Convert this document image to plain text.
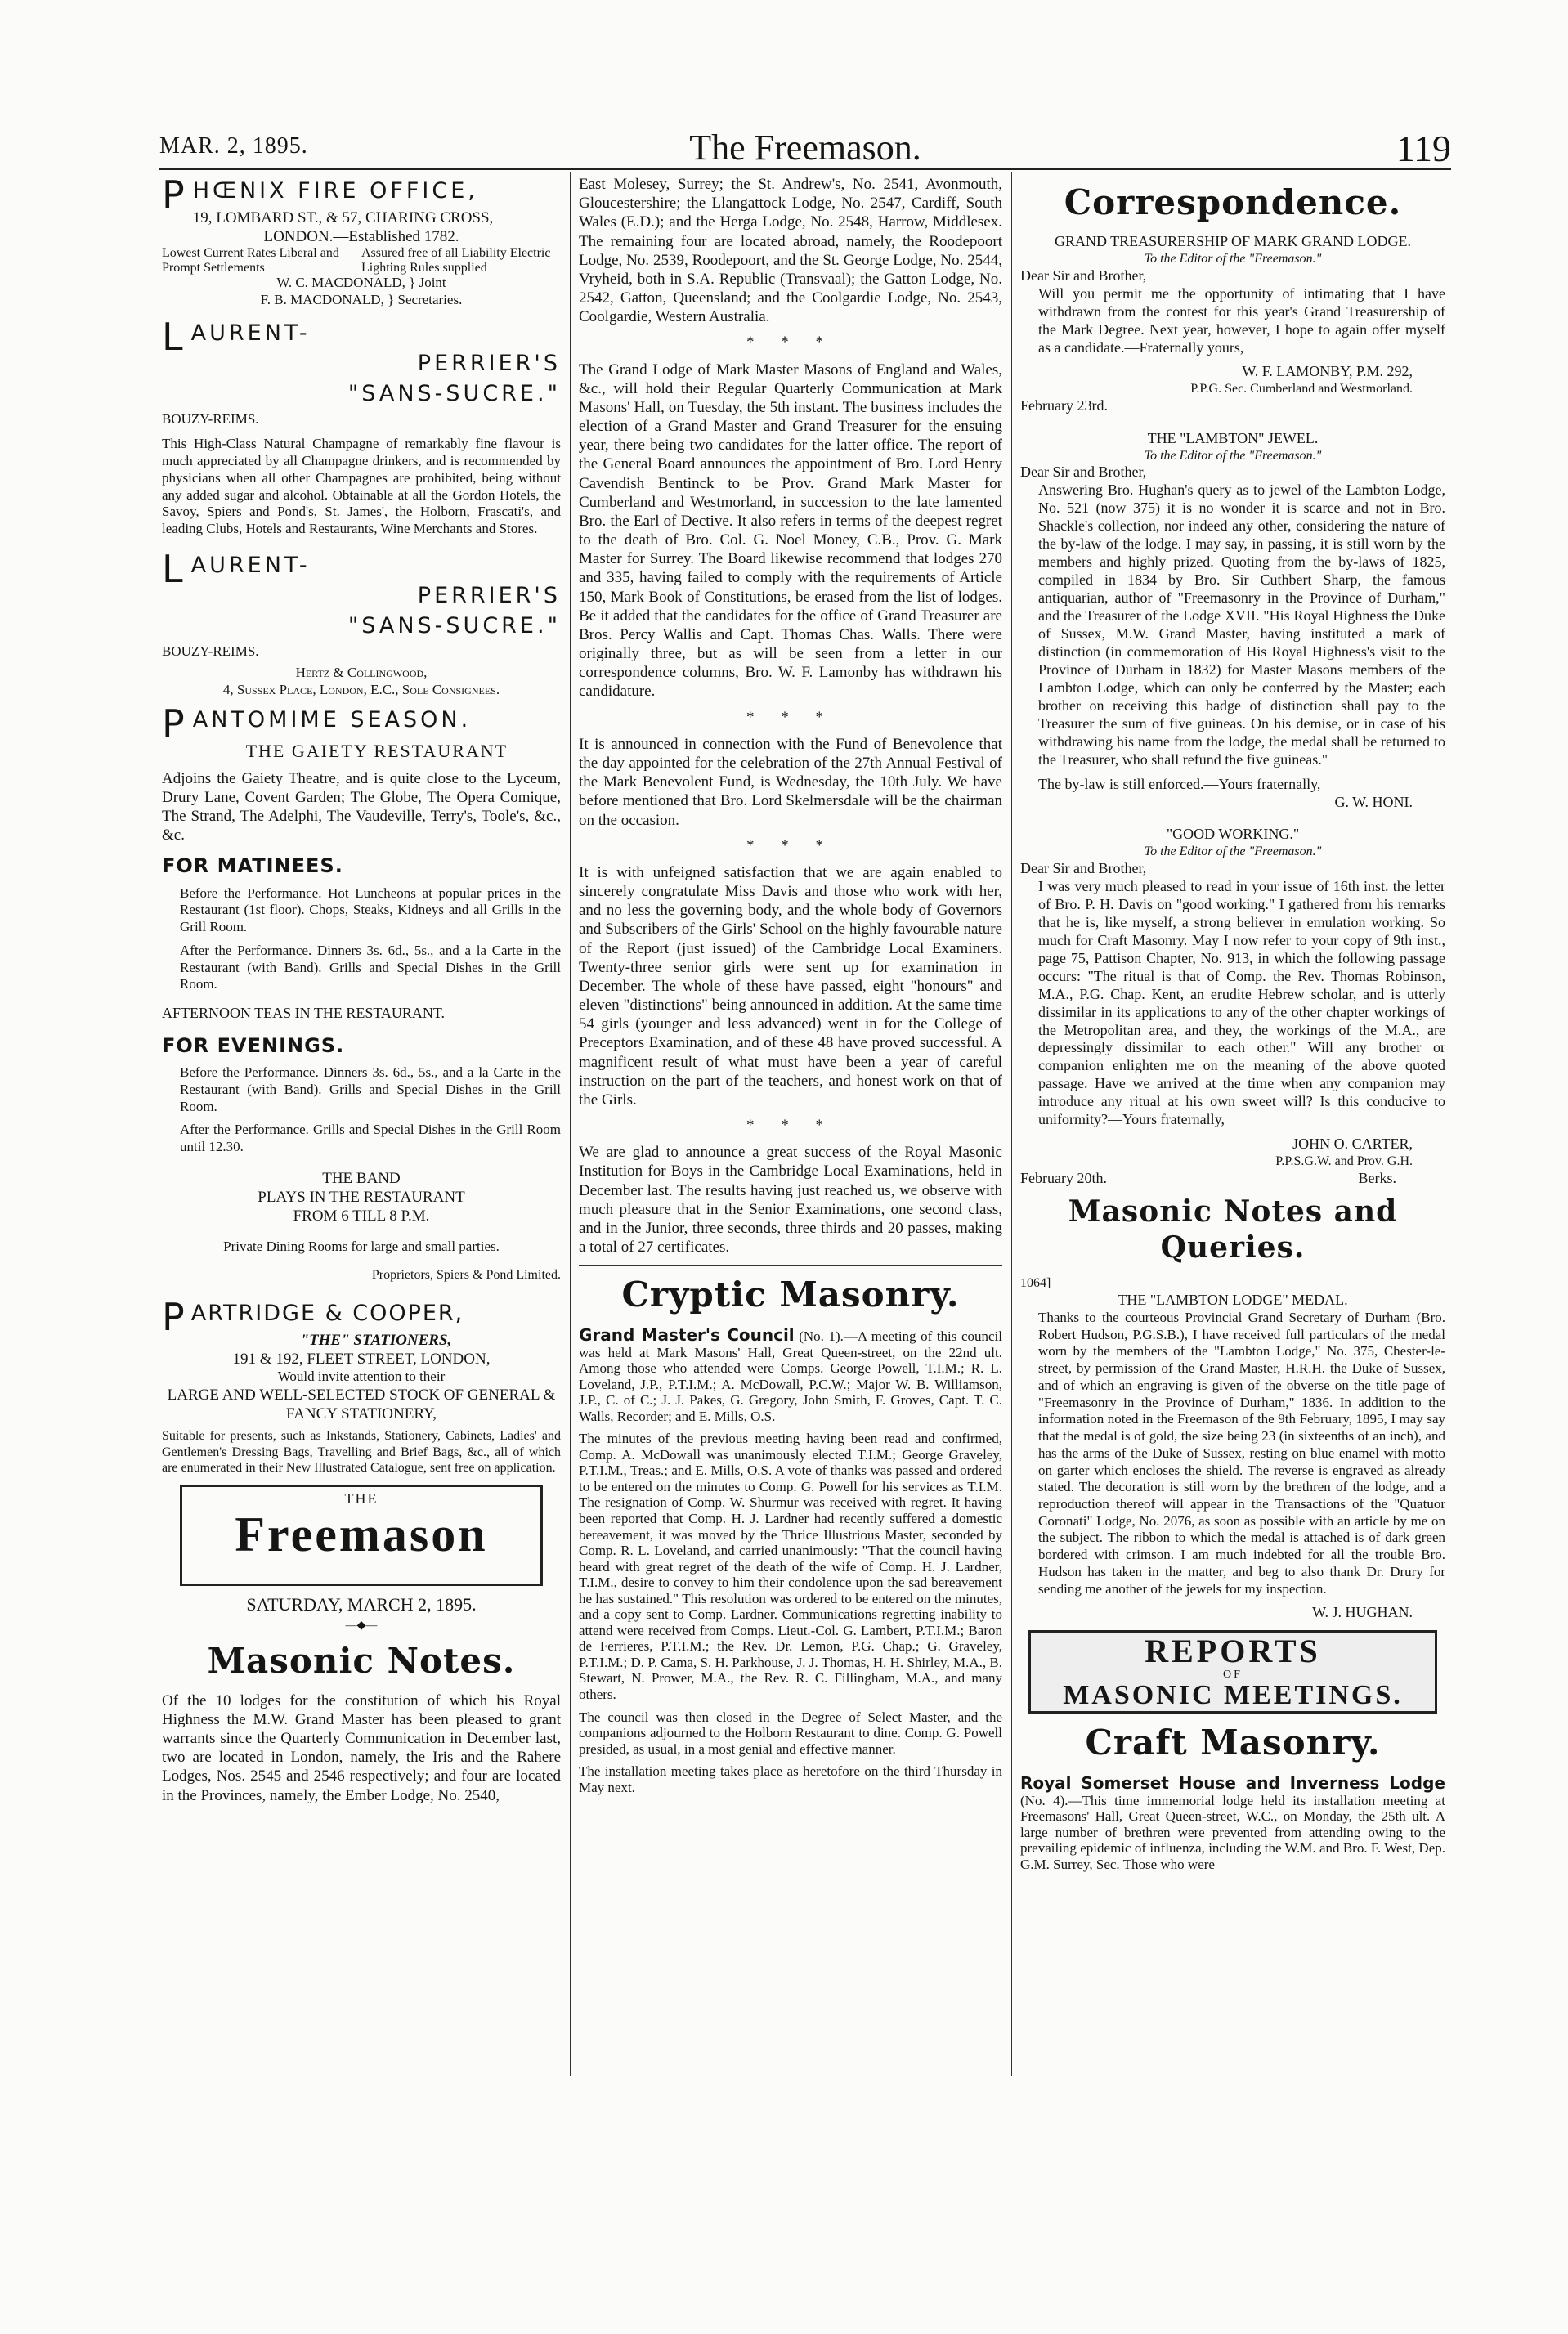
MAR. 2, 1895.	The Freemason.	119
PHŒNIX FIRE OFFICE,
19, LOMBARD ST., & 57, CHARING CROSS,
LONDON.—Established 1782.
Lowest Current Rates Liberal and Prompt Settlements
Assured free of all Liability Electric Lighting Rules supplied
W. C. MACDONALD, } Joint
F. B. MACDONALD, } Secretaries.
LAURENT-
PERRIER'S
"SANS-SUCRE."
BOUZY-REIMS.

This High-Class Natural Champagne of remarkably fine flavour is much appreciated by all Champagne drinkers, and is recommended by physicians when all other Champagnes are prohibited, being without any added sugar and alcohol. Obtainable at all the Gordon Hotels, the Savoy, Spiers and Pond's, St. James', the Holborn, Frascati's, and leading Clubs, Hotels and Restaurants, Wine Merchants and Stores.

LAURENT-
PERRIER'S
"SANS-SUCRE."
BOUZY-REIMS.
Hertz & Collingwood,
4, Sussex Place, London, E.C., Sole Consignees.
PANTOMIME SEASON.
THE GAIETY RESTAURANT

Adjoins the Gaiety Theatre, and is quite close to the Lyceum, Drury Lane, Covent Garden; The Globe, The Opera Comique, The Strand, The Adelphi, The Vaudeville, Terry's, Toole's, &c., &c.

FOR MATINEES.

Before the Performance. Hot Luncheons at popular prices in the Restaurant (1st floor). Chops, Steaks, Kidneys and all Grills in the Grill Room.

After the Performance. Dinners 3s. 6d., 5s., and a la Carte in the Restaurant (with Band). Grills and Special Dishes in the Grill Room.

AFTERNOON TEAS IN THE RESTAURANT.
FOR EVENINGS.

Before the Performance. Dinners 3s. 6d., 5s., and a la Carte in the Restaurant (with Band). Grills and Special Dishes in the Grill Room.

After the Performance. Grills and Special Dishes in the Grill Room until 12.30.

THE BAND
PLAYS IN THE RESTAURANT
FROM 6 TILL 8 P.M.
Private Dining Rooms for large and small parties.
Proprietors, Spiers & Pond Limited.
PARTRIDGE & COOPER,
"THE" STATIONERS,
191 & 192, FLEET STREET, LONDON,
Would invite attention to their
LARGE AND WELL-SELECTED STOCK OF GENERAL & FANCY STATIONERY,

Suitable for presents, such as Inkstands, Stationery, Cabinets, Ladies' and Gentlemen's Dressing Bags, Travelling and Brief Bags, &c., all of which are enumerated in their New Illustrated Catalogue, sent free on application.

THE
Freemason
SATURDAY, MARCH 2, 1895.
—◆—
Masonic Notes.

Of the 10 lodges for the constitution of which his Royal Highness the M.W. Grand Master has been pleased to grant warrants since the Quarterly Communication in December last, two are located in London, namely, the Iris and the Rahere Lodges, Nos. 2545 and 2546 respectively; and four are located in the Provinces, namely, the Ember Lodge, No. 2540,

East Molesey, Surrey; the St. Andrew's, No. 2541, Avonmouth, Gloucestershire; the Llangattock Lodge, No. 2547, Cardiff, South Wales (E.D.); and the Herga Lodge, No. 2548, Harrow, Middlesex. The remaining four are located abroad, namely, the Roodepoort Lodge, No. 2539, Roodepoort, and the St. George Lodge, No. 2544, Vryheid, both in S.A. Republic (Transvaal); the Gatton Lodge, No. 2542, Gatton, Queensland; and the Coolgardie Lodge, No. 2543, Coolgardie, Western Australia.

* * *

The Grand Lodge of Mark Master Masons of England and Wales, &c., will hold their Regular Quarterly Communication at Mark Masons' Hall, on Tuesday, the 5th instant. The business includes the election of a Grand Master and Grand Treasurer for the ensuing year, there being two candidates for the latter office. The report of the General Board announces the appointment of Bro. Lord Henry Cavendish Bentinck to be Prov. Grand Mark Master for Cumberland and Westmorland, in succession to the late lamented Bro. the Earl of Dective. It also refers in terms of the deepest regret to the death of Bro. Col. G. Noel Money, C.B., Prov. G. Mark Master for Surrey. The Board likewise recommend that lodges 270 and 335, having failed to comply with the requirements of Article 150, Mark Book of Constitutions, be erased from the list of lodges. Be it added that the candidates for the office of Grand Treasurer are Bros. Percy Wallis and Capt. Thomas Chas. Walls. There were originally three, but as will be seen from a letter in our correspondence columns, Bro. W. F. Lamonby has withdrawn his candidature.

* * *

It is announced in connection with the Fund of Benevolence that the day appointed for the celebration of the 27th Annual Festival of the Mark Benevolent Fund, is Wednesday, the 10th July. We have before mentioned that Bro. Lord Skelmersdale will be the chairman on the occasion.

* * *

It is with unfeigned satisfaction that we are again enabled to sincerely congratulate Miss Davis and those who work with her, and no less the governing body, and the whole body of Governors and Subscribers of the Girls' School on the highly favourable nature of the Report (just issued) of the Cambridge Local Examiners. Twenty-three senior girls were sent up for examination in December. The whole of these have passed, eight "honours" and eleven "distinctions" being announced in addition. At the same time 54 girls (younger and less advanced) went in for the College of Preceptors Examination, and of these 48 have proved successful. A magnificent result of what must have been a year of careful instruction on the part of the teachers, and honest work on that of the Girls.

* * *

We are glad to announce a great success of the Royal Masonic Institution for Boys in the Cambridge Local Examinations, held in December last. The results having just reached us, we observe with much pleasure that in the Senior Examinations, one second class, and in the Junior, three seconds, three thirds and 20 passes, making a total of 27 certificates.

Cryptic Masonry.

Grand Master's Council (No. 1).—A meeting of this council was held at Mark Masons' Hall, Great Queen-street, on the 22nd ult. Among those who attended were Comps. George Powell, T.I.M.; R. L. Loveland, J.P., P.T.I.M.; A. McDowall, P.C.W.; Major W. B. Williamson, J.P., C. of C.; J. J. Pakes, G. Gregory, John Smith, F. Groves, Capt. T. C. Walls, Recorder; and E. Mills, O.S.

The minutes of the previous meeting having been read and confirmed, Comp. A. McDowall was unanimously elected T.I.M.; George Graveley, P.T.I.M., Treas.; and E. Mills, O.S. A vote of thanks was passed and ordered to be entered on the minutes to Comp. G. Powell for his services as T.I.M. The resignation of Comp. W. Shurmur was received with regret. It having been reported that Comp. H. J. Lardner had recently suffered a domestic bereavement, it was moved by the Thrice Illustrious Master, seconded by Comp. R. L. Loveland, and carried unanimously: "That the council having heard with great regret of the death of the wife of Comp. H. J. Lardner, T.I.M., desire to convey to him their condolence upon the sad bereavement he has sustained." This resolution was ordered to be entered on the minutes, and a copy sent to Comp. Lardner. Communications regretting inability to attend were received from Comps. Lieut.-Col. G. Lambert, P.T.I.M.; Baron de Ferrieres, P.T.I.M.; the Rev. Dr. Lemon, P.G. Chap.; G. Graveley, P.T.I.M.; D. P. Cama, S. H. Parkhouse, J. J. Thomas, H. H. Shirley, M.A., B. Stewart, N. Prower, M.A., the Rev. R. C. Fillingham, M.A., and many others.

The council was then closed in the Degree of Select Master, and the companions adjourned to the Holborn Restaurant to dine. Comp. G. Powell presided, as usual, in a most genial and effective manner.

The installation meeting takes place as heretofore on the third Thursday in May next.

Correspondence.
GRAND TREASURERSHIP OF MARK GRAND LODGE.
To the Editor of the "Freemason."
Dear Sir and Brother,

Will you permit me the opportunity of intimating that I have withdrawn from the contest for this year's Grand Treasurership of the Mark Degree. Next year, however, I hope to again offer myself as a candidate.—Fraternally yours,

W. F. LAMONBY, P.M. 292,
P.P.G. Sec. Cumberland and Westmorland.
February 23rd.
THE "LAMBTON" JEWEL.
To the Editor of the "Freemason."
Dear Sir and Brother,

Answering Bro. Hughan's query as to jewel of the Lambton Lodge, No. 521 (now 375) it is no wonder it is scarce and not in Bro. Shackle's collection, nor indeed any other, considering the nature of the by-law of the lodge. I may say, in passing, it is still worn by the members and highly prized. Quoting from the by-laws of 1825, compiled in 1834 by Bro. Sir Cuthbert Sharp, the famous antiquarian, author of "Freemasonry in the Province of Durham," and the Treasurer of the Lodge XVII. "His Royal Highness the Duke of Sussex, M.W. Grand Master, having instituted a mark of distinction (in commemoration of His Royal Highness's visit to the Province of Durham in 1832) for Master Masons members of the Lambton Lodge, which can only be conferred by the Master; each brother on receiving this badge of distinction shall pay to the Treasurer the sum of five guineas. On his demise, or in case of his withdrawing his name from the lodge, the medal shall be returned to the Treasurer, who shall refund the five guineas."

The by-law is still enforced.—Yours fraternally,
G. W. HONI.
"GOOD WORKING."
To the Editor of the "Freemason."
Dear Sir and Brother,

I was very much pleased to read in your issue of 16th inst. the letter of Bro. P. H. Davis on "good working." I gathered from his remarks that he is, like myself, a strong believer in emulation working. So much for Craft Masonry. May I now refer to your copy of 9th inst., page 75, Pattison Chapter, No. 913, in which the following passage occurs: "The ritual is that of Comp. the Rev. Thomas Robinson, M.A., P.G. Chap. Kent, an erudite Hebrew scholar, and is utterly dissimilar in its applications to any of the other chapter workings of the Metropolitan area, and they, the workings of the M.A., are depressingly dissimilar to each other." Will any brother or companion enlighten me on the meaning of the above quoted passage. Have we arrived at the time when any companion may introduce any ritual at his own sweet will? Is this conducive to uniformity?—Yours fraternally,

JOHN O. CARTER,
P.P.S.G.W. and Prov. G.H.
February 20th.	Berks.
Masonic Notes and Queries.
1064]
THE "LAMBTON LODGE" MEDAL.

Thanks to the courteous Provincial Grand Secretary of Durham (Bro. Robert Hudson, P.G.S.B.), I have received full particulars of the medal worn by the members of the "Lambton Lodge," No. 375, Chester-le-street, by permission of the Grand Master, H.R.H. the Duke of Sussex, and of which an engraving is given of the obverse on the title page of "Freemasonry in the Province of Durham," 1836. In addition to the information noted in the Freemason of the 9th February, 1895, I may say that the medal is of gold, the size being 23 (in sixteenths of an inch), and has the arms of the Duke of Sussex, resting on blue enamel with motto on garter which encloses the shield. The reverse is engraved as already stated. The decoration is still worn by the brethren of the lodge, and a reproduction thereof will appear in the Transactions of the "Quatuor Coronati" Lodge, No. 2076, as soon as possible with an article by me on the subject. The ribbon to which the medal is attached is of dark green bordered with crimson. I am much indebted for all the trouble Bro. Hudson has taken in the matter, and beg to also thank Dr. Drury for sending me another of the jewels for my inspection.

W. J. HUGHAN.
REPORTS
OF
MASONIC MEETINGS.
Craft Masonry.

Royal Somerset House and Inverness Lodge (No. 4).—This time immemorial lodge held its installation meeting at Freemasons' Hall, Great Queen-street, W.C., on Monday, the 25th ult. A large number of brethren were prevented from attending owing to the prevailing epidemic of influenza, including the W.M. and Bro. F. West, Dep. G.M. Surrey, Sec. Those who were
